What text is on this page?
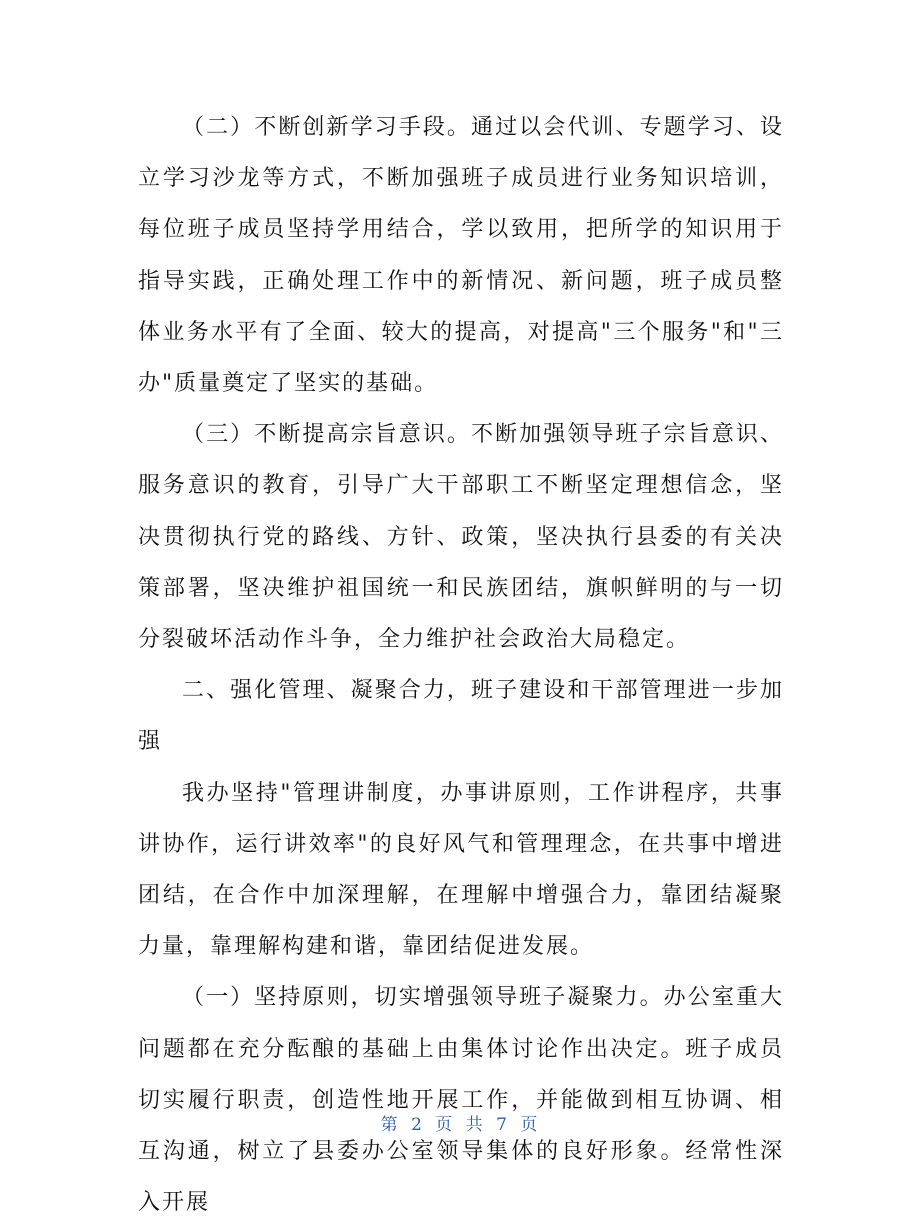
（二）不断创新学习手段。通过以会代训、专题学习、设立学习沙龙等方式，不断加强班子成员进行业务知识培训，每位班子成员坚持学用结合，学以致用，把所学的知识用于指导实践，正确处理工作中的新情况、新问题，班子成员整体业务水平有了全面、较大的提高，对提高"三个服务"和"三办"质量奠定了坚实的基础。

（三）不断提高宗旨意识。不断加强领导班子宗旨意识、服务意识的教育，引导广大干部职工不断坚定理想信念，坚决贯彻执行党的路线、方针、政策，坚决执行县委的有关决策部署，坚决维护祖国统一和民族团结，旗帜鲜明的与一切分裂破坏活动作斗争，全力维护社会政治大局稳定。

二、强化管理、凝聚合力，班子建设和干部管理进一步加强

我办坚持"管理讲制度，办事讲原则，工作讲程序，共事讲协作，运行讲效率"的良好风气和管理理念，在共事中增进团结，在合作中加深理解，在理解中增强合力，靠团结凝聚力量，靠理解构建和谐，靠团结促进发展。

（一）坚持原则，切实增强领导班子凝聚力。办公室重大问题都在充分酝酿的基础上由集体讨论作出决定。班子成员切实履行职责，创造性地开展工作，并能做到相互协调、相互沟通，树立了县委办公室领导集体的良好形象。经常性深入开展

第 2 页 共 7 页
